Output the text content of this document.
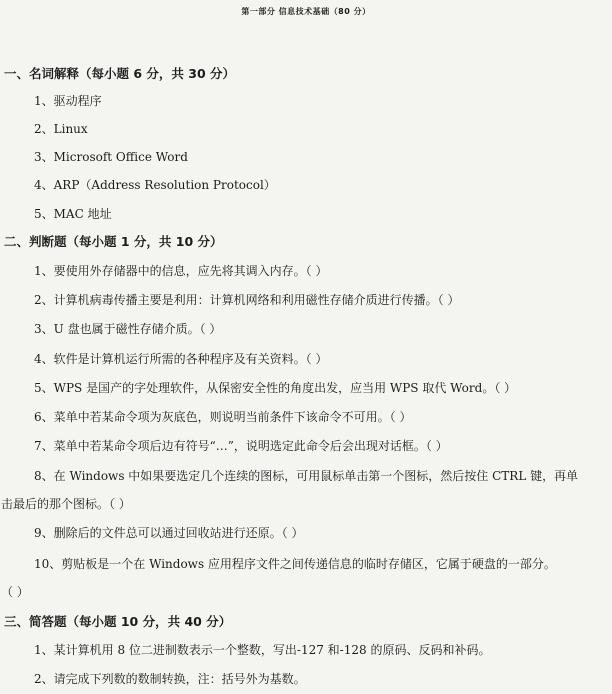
第一部分 信息技术基础（80 分）
一、名词解释（每小题 6 分，共 30 分）
1、驱动程序
2、Linux
3、Microsoft Office Word
4、ARP（Address Resolution Protocol）
5、MAC 地址
二、判断题（每小题 1 分，共 10 分）
1、要使用外存储器中的信息，应先将其调入内存。（ ）
2、计算机病毒传播主要是利用：计算机网络和利用磁性存储介质进行传播。（ ）
3、U 盘也属于磁性存储介质。（ ）
4、软件是计算机运行所需的各种程序及有关资料。（ ）
5、WPS 是国产的字处理软件，从保密安全性的角度出发，应当用 WPS 取代 Word。（ ）
6、菜单中若某命令项为灰底色，则说明当前条件下该命令不可用。（ ）
7、菜单中若某命令项后边有符号“…”，说明选定此命令后会出现对话框。（ ）
8、在 Windows 中如果要选定几个连续的图标，可用鼠标单击第一个图标，然后按住 CTRL 键，再单
击最后的那个图标。（ ）
9、删除后的文件总可以通过回收站进行还原。（ ）
10、剪贴板是一个在 Windows 应用程序文件之间传递信息的临时存储区，它属于硬盘的一部分。
（ ）
三、简答题（每小题 10 分，共 40 分）
1、某计算机用 8 位二进制数表示一个整数，写出-127 和-128 的原码、反码和补码。
2、请完成下列数的数制转换，注：括号外为基数。
